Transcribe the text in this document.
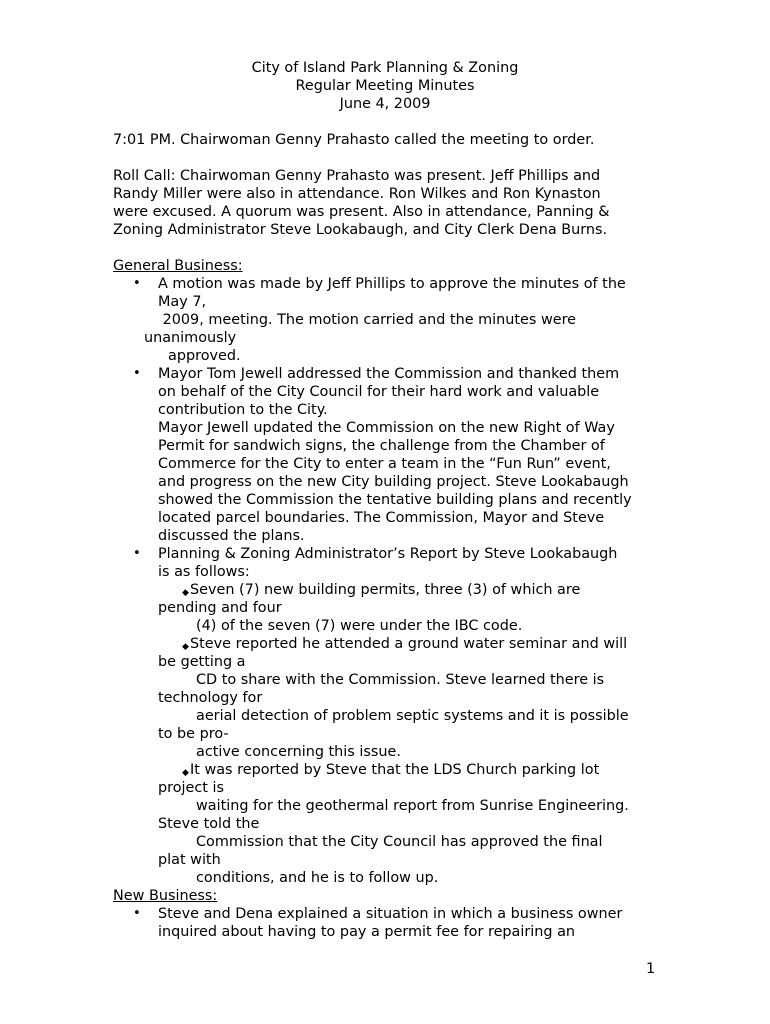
City of Island Park Planning & Zoning
Regular Meeting Minutes
June 4, 2009
7:01 PM. Chairwoman Genny Prahasto called the meeting to order.
Roll Call: Chairwoman Genny Prahasto was present. Jeff Phillips and
Randy Miller were also in attendance. Ron Wilkes and Ron Kynaston
were excused. A quorum was present. Also in attendance, Panning &
Zoning Administrator Steve Lookabaugh, and City Clerk Dena Burns.
General Business:
• A motion was made by Jeff Phillips to approve the minutes of the
May 7,
2009, meeting. The motion carried and the minutes were
unanimously
approved.
• Mayor Tom Jewell addressed the Commission and thanked them
on behalf of the City Council for their hard work and valuable
contribution to the City.
Mayor Jewell updated the Commission on the new Right of Way
Permit for sandwich signs, the challenge from the Chamber of
Commerce for the City to enter a team in the “Fun Run” event,
and progress on the new City building project. Steve Lookabaugh
showed the Commission the tentative building plans and recently
located parcel boundaries. The Commission, Mayor and Steve
discussed the plans.
• Planning & Zoning Administrator’s Report by Steve Lookabaugh
is as follows:
◆ Seven (7) new building permits, three (3) of which are
pending and four
(4) of the seven (7) were under the IBC code.
◆ Steve reported he attended a ground water seminar and will
be getting a
CD to share with the Commission. Steve learned there is
technology for
aerial detection of problem septic systems and it is possible
to be pro-
active concerning this issue.
◆ It was reported by Steve that the LDS Church parking lot
project is
waiting for the geothermal report from Sunrise Engineering.
Steve told the
Commission that the City Council has approved the final
plat with
conditions, and he is to follow up.
New Business:
• Steve and Dena explained a situation in which a business owner
inquired about having to pay a permit fee for repairing an
1
